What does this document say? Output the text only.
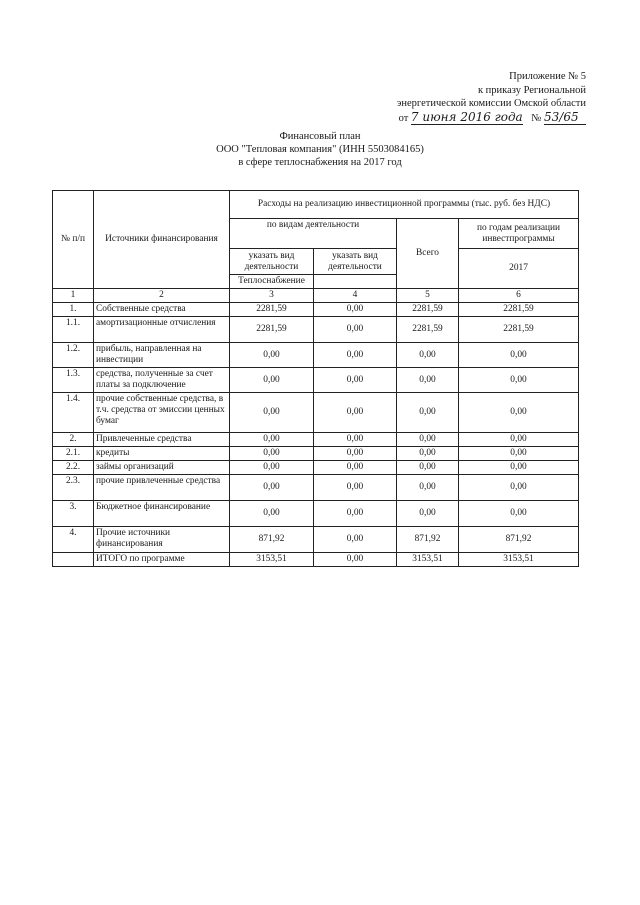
Приложение № 5
к приказу Региональной
энергетической комиссии Омской области
от 7 июня 2016 года № 53/65
Финансовый план
ООО "Тепловая компания" (ИНН 5503084165)
в сфере теплоснабжения на 2017 год
№ п/п	Источники финансирования	Расходы на реализацию инвестиционной программы (тыс. руб. без НДС)			
		по видам деятельности		Всего	по годам реализации инвестпрограммы
		указать вид деятельности	указать вид деятельности		2017
		Теплоснабжение			
1	2	3	4	5	6
1.	Собственные средства	2281,59	0,00	2281,59	2281,59
1.1.	амортизационные отчисления	2281,59	0,00	2281,59	2281,59
1.2.	прибыль, направленная на инвестиции	0,00	0,00	0,00	0,00
1.3.	средства, полученные за счет платы за подключение	0,00	0,00	0,00	0,00
1.4.	прочие собственные средства, в т.ч. средства от эмиссии ценных бумаг	0,00	0,00	0,00	0,00
2.	Привлеченные средства	0,00	0,00	0,00	0,00
2.1.	кредиты	0,00	0,00	0,00	0,00
2.2.	займы организаций	0,00	0,00	0,00	0,00
2.3.	прочие привлеченные средства	0,00	0,00	0,00	0,00
3.	Бюджетное финансирование	0,00	0,00	0,00	0,00
4.	Прочие источники финансирования	871,92	0,00	871,92	871,92
	ИТОГО по программе	3153,51	0,00	3153,51	3153,51
